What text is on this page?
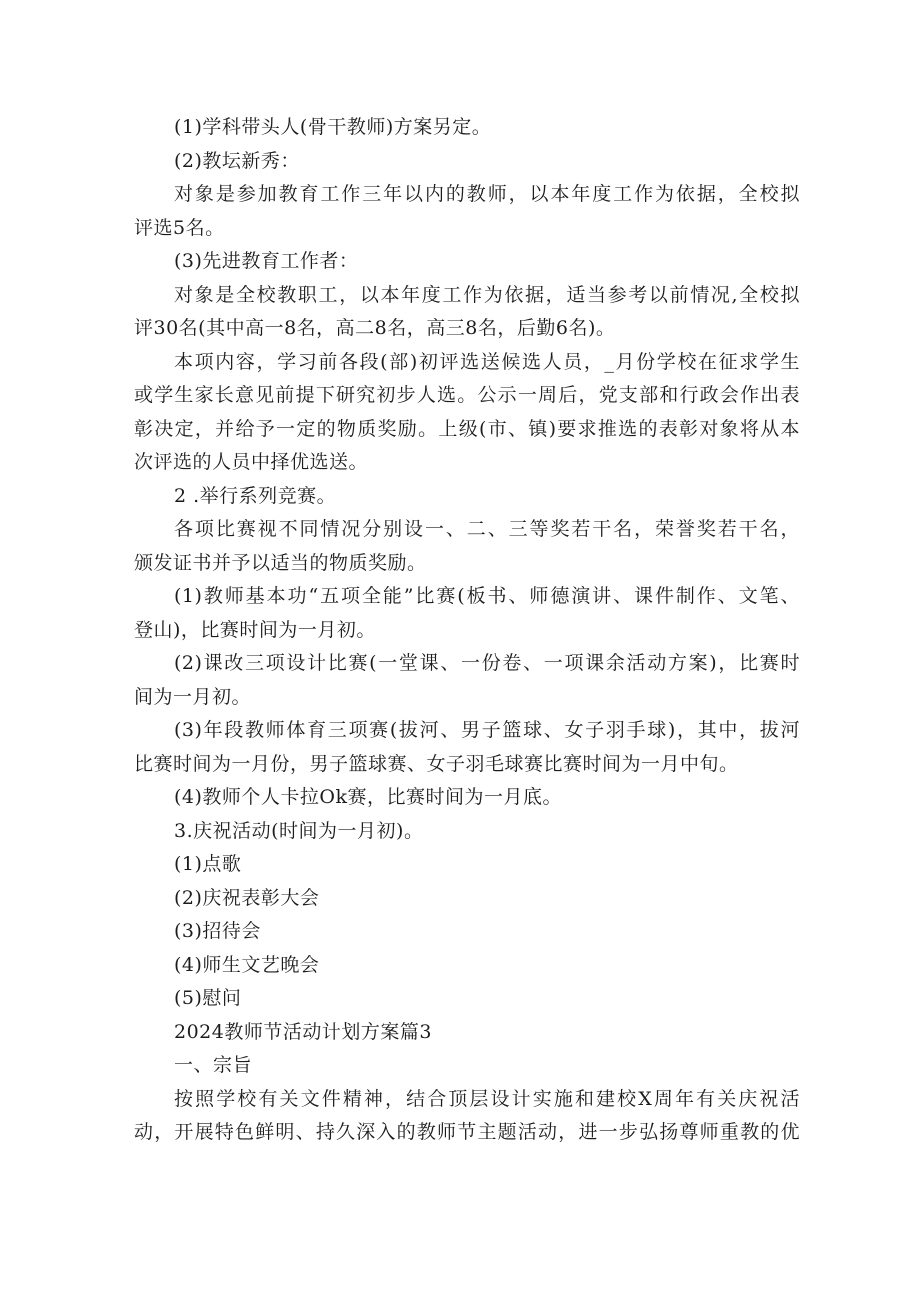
(1)学科带头人(骨干教师)方案另定。
(2)教坛新秀：
对象是参加教育工作三年以内的教师，以本年度工作为依据，全校拟
评选5名。
(3)先进教育工作者：
对象是全校教职工，以本年度工作为依据，适当参考以前情况,全校拟
评30名(其中高一8名，高二8名，高三8名，后勤6名)。
本项内容，学习前各段(部)初评选送候选人员，_月份学校在征求学生
或学生家长意见前提下研究初步人选。公示一周后，党支部和行政会作出表
彰决定，并给予一定的物质奖励。上级(市、镇)要求推选的表彰对象将从本
次评选的人员中择优选送。
2 .举行系列竞赛。
各项比赛视不同情况分别设一、二、三等奖若干名，荣誉奖若干名，
颁发证书并予以适当的物质奖励。
(1)教师基本功“五项全能”比赛(板书、师德演讲、课件制作、文笔、
登山)，比赛时间为一月初。
(2)课改三项设计比赛(一堂课、一份卷、一项课余活动方案)，比赛时
间为一月初。
(3)年段教师体育三项赛(拔河、男子篮球、女子羽手球)，其中，拔河
比赛时间为一月份，男子篮球赛、女子羽毛球赛比赛时间为一月中旬。
(4)教师个人卡拉Ok赛，比赛时间为一月底。
3.庆祝活动(时间为一月初)。
(1)点歌
(2)庆祝表彰大会
(3)招待会
(4)师生文艺晚会
(5)慰问
2024教师节活动计划方案篇3
一、宗旨
按照学校有关文件精神，结合顶层设计实施和建校X周年有关庆祝活
动，开展特色鲜明、持久深入的教师节主题活动，进一步弘扬尊师重教的优
